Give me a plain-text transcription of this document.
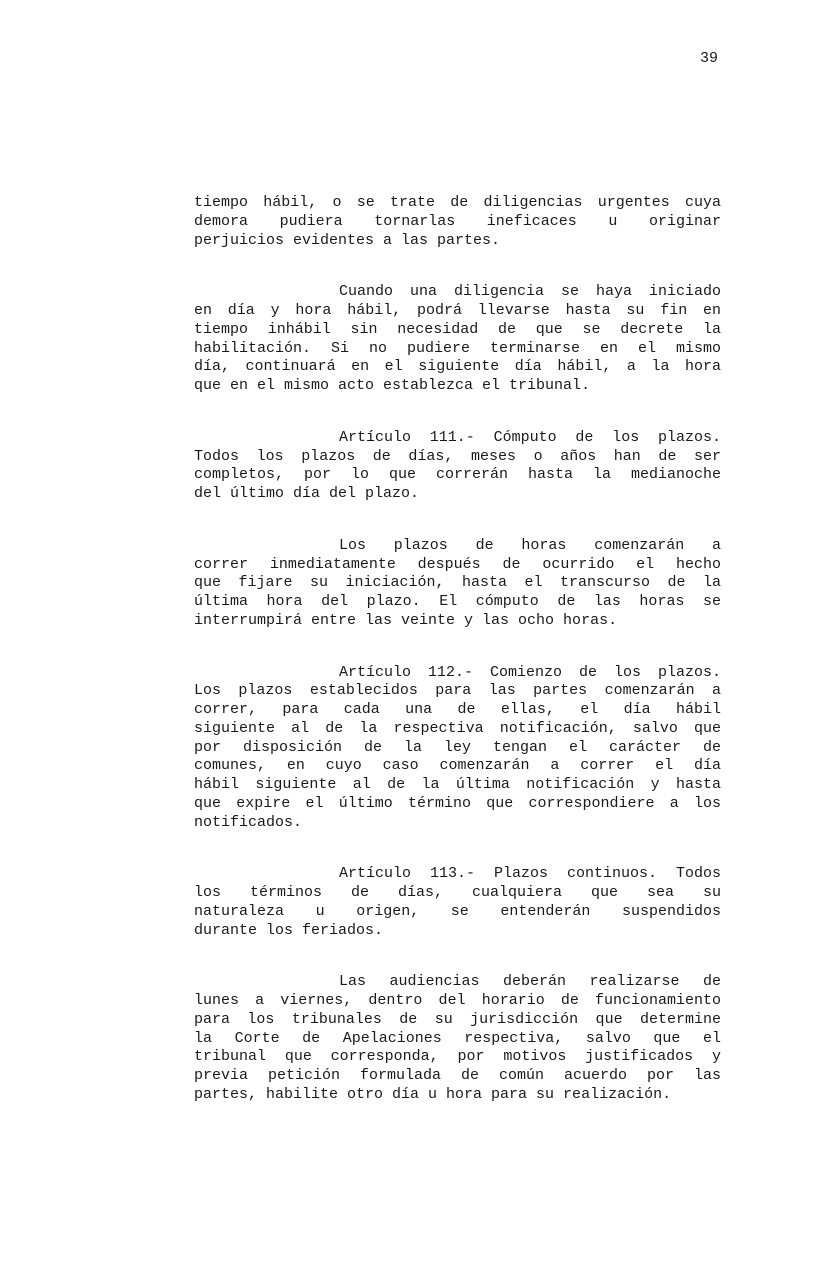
39

tiempo hábil, o se trate de diligencias urgentes cuya
demora pudiera tornarlas ineficaces u originar
perjuicios evidentes a las partes.

Cuando una diligencia se haya iniciado
en día y hora hábil, podrá llevarse hasta su fin en
tiempo inhábil sin necesidad de que se decrete la
habilitación. Si no pudiere terminarse en el mismo
día, continuará en el siguiente día hábil, a la hora
que en el mismo acto establezca el tribunal.

Artículo 111.- Cómputo de los plazos.
Todos los plazos de días, meses o años han de ser
completos, por lo que correrán hasta la medianoche
del último día del plazo.

Los plazos de horas comenzarán a
correr inmediatamente después de ocurrido el hecho
que fijare su iniciación, hasta el transcurso de la
última hora del plazo. El cómputo de las horas se
interrumpirá entre las veinte y las ocho horas.

Artículo 112.- Comienzo de los plazos.
Los plazos establecidos para las partes comenzarán a
correr, para cada una de ellas, el día hábil
siguiente al de la respectiva notificación, salvo que
por disposición de la ley tengan el carácter de
comunes, en cuyo caso comenzarán a correr el día
hábil siguiente al de la última notificación y hasta
que expire el último término que correspondiere a los
notificados.

Artículo 113.- Plazos continuos. Todos
los términos de días, cualquiera que sea su
naturaleza u origen, se entenderán suspendidos
durante los feriados.

Las audiencias deberán realizarse de
lunes a viernes, dentro del horario de funcionamiento
para los tribunales de su jurisdicción que determine
la Corte de Apelaciones respectiva, salvo que el
tribunal que corresponda, por motivos justificados y
previa petición formulada de común acuerdo por las
partes, habilite otro día u hora para su realización.
